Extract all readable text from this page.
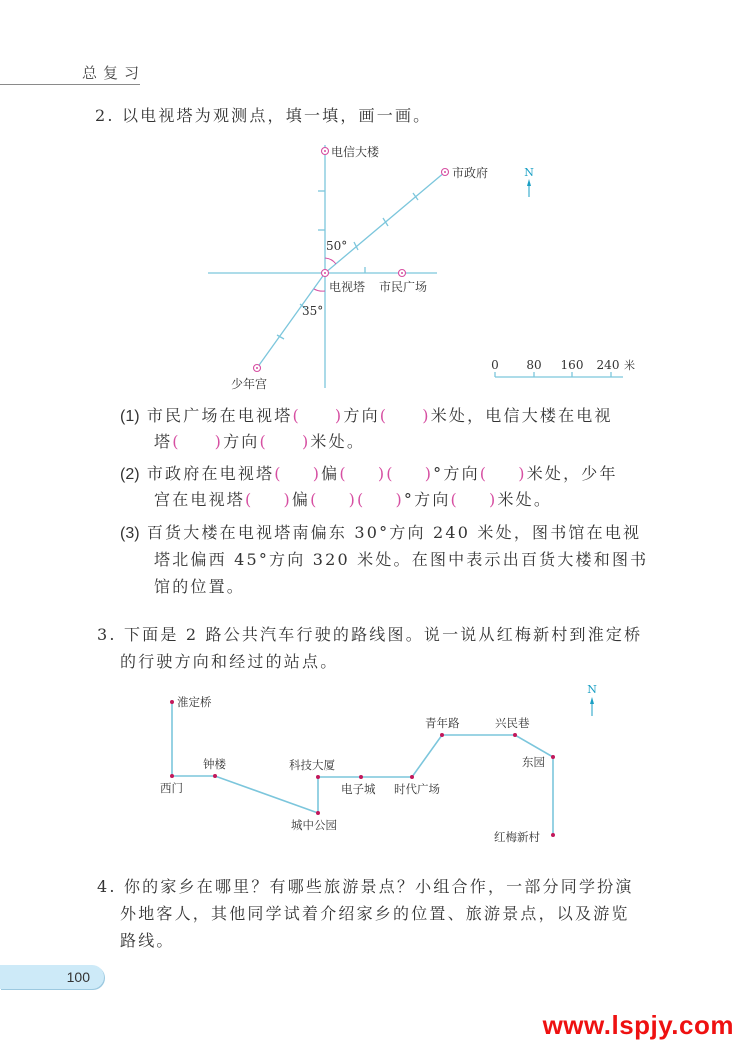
总复习
2. 以电视塔为观测点，填一填，画一画。
N
电信大楼
市政府
电视塔 市民广场
少年宫
50°
35°
0 80 160 240 米
(1) 市民广场在电视塔( )方向( )米处，电信大楼在电视
塔( )方向( )米处。
(2) 市政府在电视塔( )偏( )( )°方向( )米处，少年
宫在电视塔( )偏( )( )°方向( )米处。
(3) 百货大楼在电视塔南偏东 30°方向 240 米处，图书馆在电视
塔北偏西 45°方向 320 米处。在图中表示出百货大楼和图书
馆的位置。
3. 下面是 2 路公共汽车行驶的路线图。说一说从红梅新村到淮定桥
的行驶方向和经过的站点。
淮定桥
西门
钟楼
城中公园
科技大厦
电子城 时代广场
青年路	兴民巷
东园
红梅新村
N
4. 你的家乡在哪里？有哪些旅游景点？小组合作，一部分同学扮演
外地客人，其他同学试着介绍家乡的位置、旅游景点，以及游览
路线。
100
www.lspjy.com
